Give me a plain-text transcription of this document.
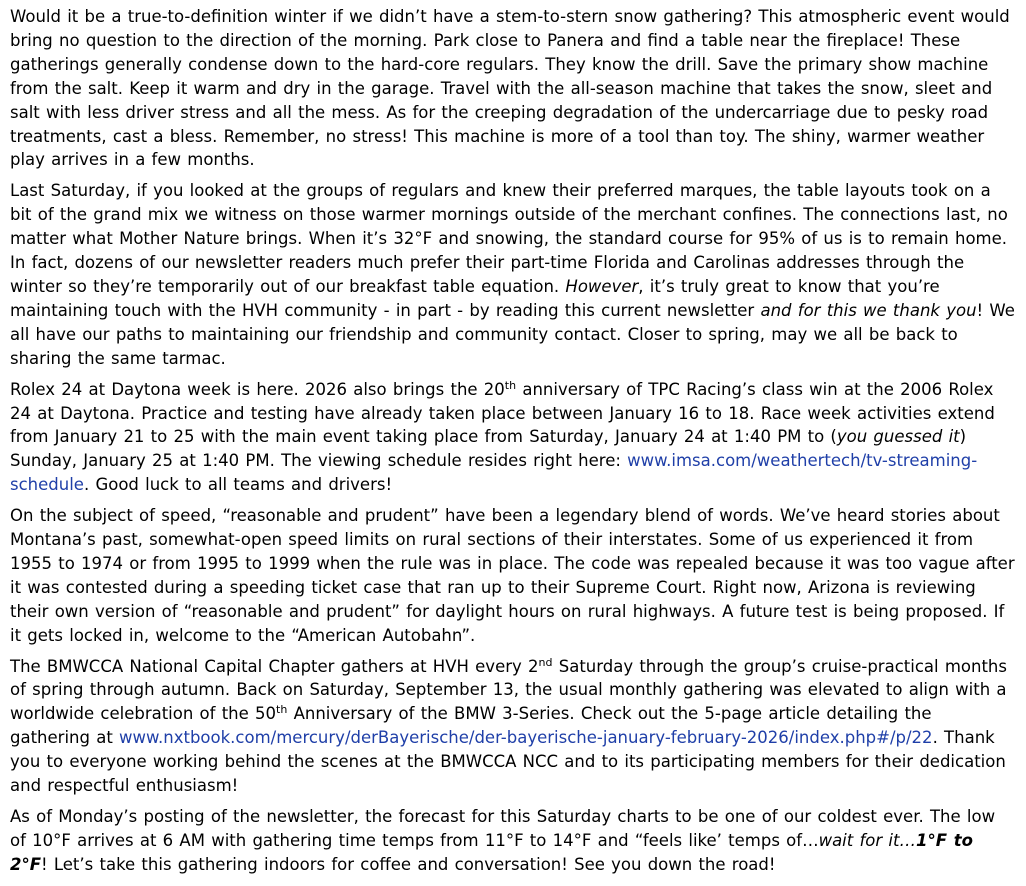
Would it be a true-to-definition winter if we didn’t have a stem-to-stern snow gathering? This atmospheric event would bring no question to the direction of the morning. Park close to Panera and find a table near the fireplace! These gatherings generally condense down to the hard-core regulars. They know the drill. Save the primary show machine from the salt. Keep it warm and dry in the garage. Travel with the all-season machine that takes the snow, sleet and salt with less driver stress and all the mess. As for the creeping degradation of the undercarriage due to pesky road treatments, cast a bless. Remember, no stress! This machine is more of a tool than toy. The shiny, warmer weather play arrives in a few months.

Last Saturday, if you looked at the groups of regulars and knew their preferred marques, the table layouts took on a bit of the grand mix we witness on those warmer mornings outside of the merchant confines. The connections last, no matter what Mother Nature brings. When it’s 32°F and snowing, the standard course for 95% of us is to remain home. In fact, dozens of our newsletter readers much prefer their part-time Florida and Carolinas addresses through the winter so they’re temporarily out of our breakfast table equation. However, it’s truly great to know that you’re maintaining touch with the HVH community - in part - by reading this current newsletter and for this we thank you! We all have our paths to maintaining our friendship and community contact. Closer to spring, may we all be back to sharing the same tarmac.

Rolex 24 at Daytona week is here. 2026 also brings the 20th anniversary of TPC Racing’s class win at the 2006 Rolex 24 at Daytona. Practice and testing have already taken place between January 16 to 18. Race week activities extend from January 21 to 25 with the main event taking place from Saturday, January 24 at 1:40 PM to (you guessed it) Sunday, January 25 at 1:40 PM. The viewing schedule resides right here: www.imsa.com/weathertech/tv-streaming-schedule. Good luck to all teams and drivers!

On the subject of speed, “reasonable and prudent” have been a legendary blend of words. We’ve heard stories about Montana’s past, somewhat-open speed limits on rural sections of their interstates. Some of us experienced it from 1955 to 1974 or from 1995 to 1999 when the rule was in place. The code was repealed because it was too vague after it was contested during a speeding ticket case that ran up to their Supreme Court. Right now, Arizona is reviewing their own version of “reasonable and prudent” for daylight hours on rural highways. A future test is being proposed. If it gets locked in, welcome to the “American Autobahn”.

The BMWCCA National Capital Chapter gathers at HVH every 2nd Saturday through the group’s cruise-practical months of spring through autumn. Back on Saturday, September 13, the usual monthly gathering was elevated to align with a worldwide celebration of the 50th Anniversary of the BMW 3-Series. Check out the 5-page article detailing the gathering at www.nxtbook.com/mercury/derBayerische/der-bayerische-january-february-2026/index.php#/p/22. Thank you to everyone working behind the scenes at the BMWCCA NCC and to its participating members for their dedication and respectful enthusiasm!

As of Monday’s posting of the newsletter, the forecast for this Saturday charts to be one of our coldest ever. The low of 10°F arrives at 6 AM with gathering time temps from 11°F to 14°F and “feels like’ temps of…wait for it…1°F to 2°F! Let’s take this gathering indoors for coffee and conversation! See you down the road!
